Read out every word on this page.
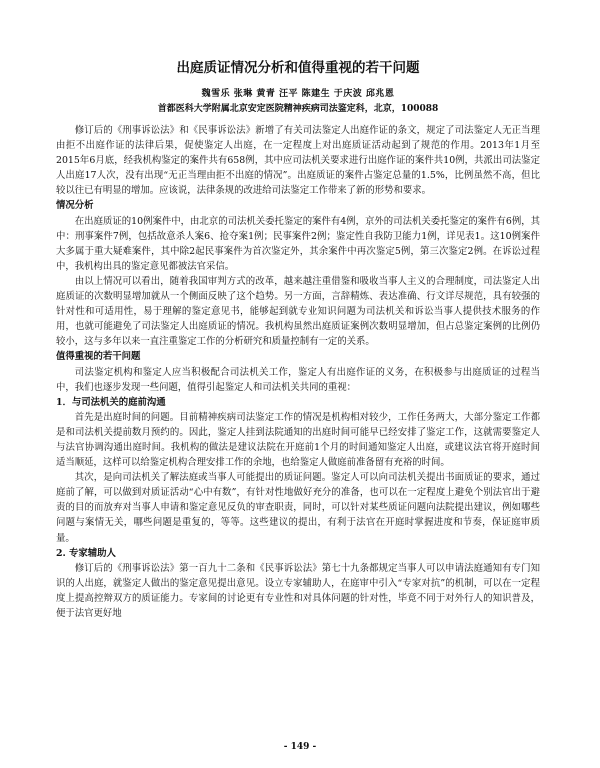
出庭质证情况分析和值得重视的若干问题
魏雪乐 张琳 黄青 汪平 陈建生 于庆波 邱兆恩
首都医科大学附属北京安定医院精神疾病司法鉴定科，北京，100088

修订后的《刑事诉讼法》和《民事诉讼法》新增了有关司法鉴定人出庭作证的条文，规定了司法鉴定人无正当理由拒不出庭作证的法律后果，促使鉴定人出庭，在一定程度上对出庭质证活动起到了规范的作用。2013年1月至2015年6月底，经我机构鉴定的案件共有658例，其中应司法机关要求进行出庭作证的案件共10例，共派出司法鉴定人出庭17人次，没有出现“无正当理由拒不出庭的情况”。出庭质证的案件占鉴定总量的1.5%，比例虽然不高，但比较以往已有明显的增加。应该说，法律条规的改进给司法鉴定工作带来了新的形势和要求。

情况分析

在出庭质证的10例案件中，由北京的司法机关委托鉴定的案件有4例，京外的司法机关委托鉴定的案件有6例，其中：刑事案件7例，包括故意杀人案6、抢夺案1例；民事案件2例；鉴定性自我防卫能力1例，详见表1。这10例案件大多属于重大疑难案件，其中除2起民事案件为首次鉴定外，其余案件中再次鉴定5例，第三次鉴定2例。在诉讼过程中，我机构出具的鉴定意见都被法官采信。

由以上情况可以看出，随着我国审判方式的改革，越来越注重借鉴和吸收当事人主义的合理制度，司法鉴定人出庭质证的次数明显增加就从一个侧面反映了这个趋势。另一方面，言辞精炼、表达准确、行文详尽规范，具有较强的针对性和可适用性，易于理解的鉴定意见书，能够起到就专业知识问题为司法机关和诉讼当事人提供技术服务的作用，也就可能避免了司法鉴定人出庭质证的情况。我机构虽然出庭质证案例次数明显增加，但占总鉴定案例的比例仍较小，这与多年以来一直注重鉴定工作的分析研究和质量控制有一定的关系。

值得重视的若干问题

司法鉴定机构和鉴定人应当积极配合司法机关工作，鉴定人有出庭作证的义务，在积极参与出庭质证的过程当中，我们也逐步发现一些问题，值得引起鉴定人和司法机关共同的重视：

1．与司法机关的庭前沟通

首先是出庭时间的问题。目前精神疾病司法鉴定工作的情况是机构相对较少，工作任务两大，大部分鉴定工作都是和司法机关提前数月预约的。因此，鉴定人挂到法院通知的出庭时间可能早已经安排了鉴定工作，这就需要鉴定人与法官协调沟通出庭时间。我机构的做法是建议法院在开庭前1个月的时间通知鉴定人出庭，或建议法官将开庭时间适当顺延，这样可以给鉴定机构合理安排工作的余地，也给鉴定人做庭前准备留有充裕的时间。

其次，是向司法机关了解法庭或当事人可能提出的质证问题。鉴定人可以向司法机关提出书面质证的要求，通过庭前了解，可以做到对质证活动“心中有数”，有针对性地做好充分的准备，也可以在一定程度上避免个别法官出于避责的目的而放弃对当事人申请和鉴定意见反负的审查职责，同时，可以针对某些质证问题向法院提出建议，例如哪些问题与案情无关，哪些问题是重复的，等等。这些建议的提出，有利于法官在开庭时掌握进度和节奏，保证庭审质量。

2. 专家辅助人

修订后的《刑事诉讼法》第一百九十二条和《民事诉讼法》第七十九条都规定当事人可以申请法庭通知有专门知识的人出庭，就鉴定人做出的鉴定意见提出意见。设立专家辅助人，在庭审中引入“专家对抗”的机制，可以在一定程度上提高控辩双方的质证能力。专家间的讨论更有专业性和对具体问题的针对性，毕竟不同于对外行人的知识普及，便于法官更好地

- 149 -
